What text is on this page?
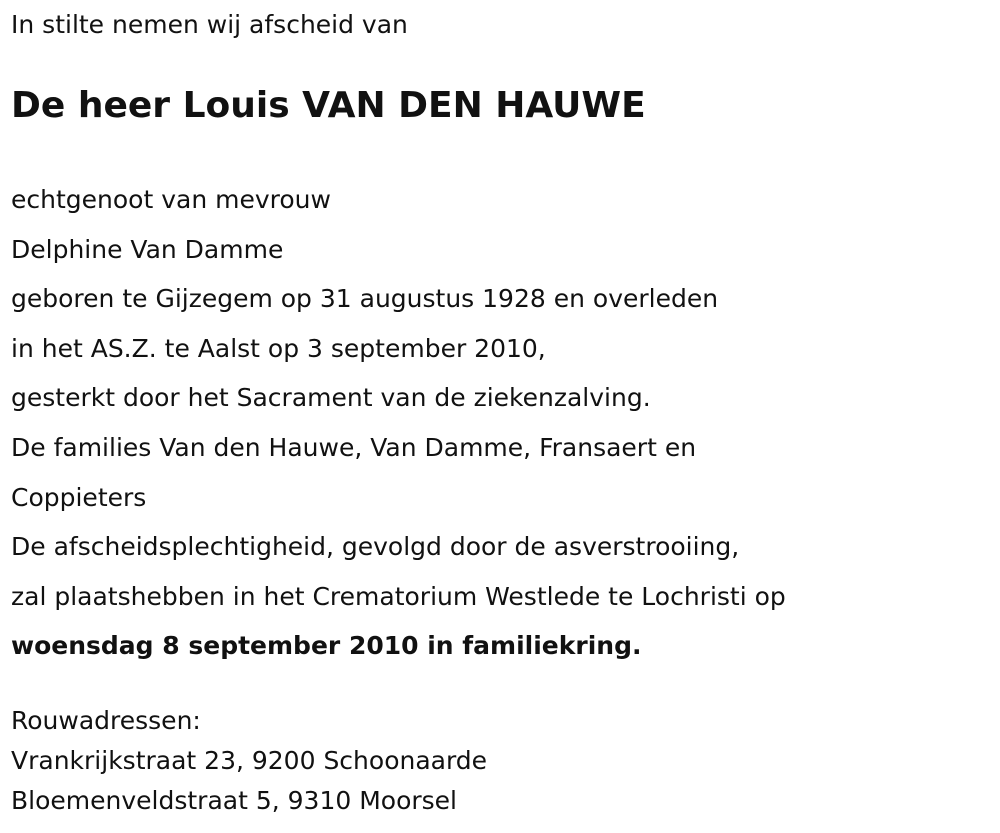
In stilte nemen wij afscheid van
De heer Louis VAN DEN HAUWE
echtgenoot van mevrouw
Delphine Van Damme
geboren te Gijzegem op 31 augustus 1928 en overleden
in het AS.Z. te Aalst op 3 september 2010,
gesterkt door het Sacrament van de ziekenzalving.
De families Van den Hauwe, Van Damme, Fransaert en
Coppieters
De afscheidsplechtigheid, gevolgd door de asverstrooiing,
zal plaatshebben in het Crematorium Westlede te Lochristi op
woensdag 8 september 2010 in familiekring.
Rouwadressen:
Vrankrijkstraat 23, 9200 Schoonaarde
Bloemenveldstraat 5, 9310 Moorsel
